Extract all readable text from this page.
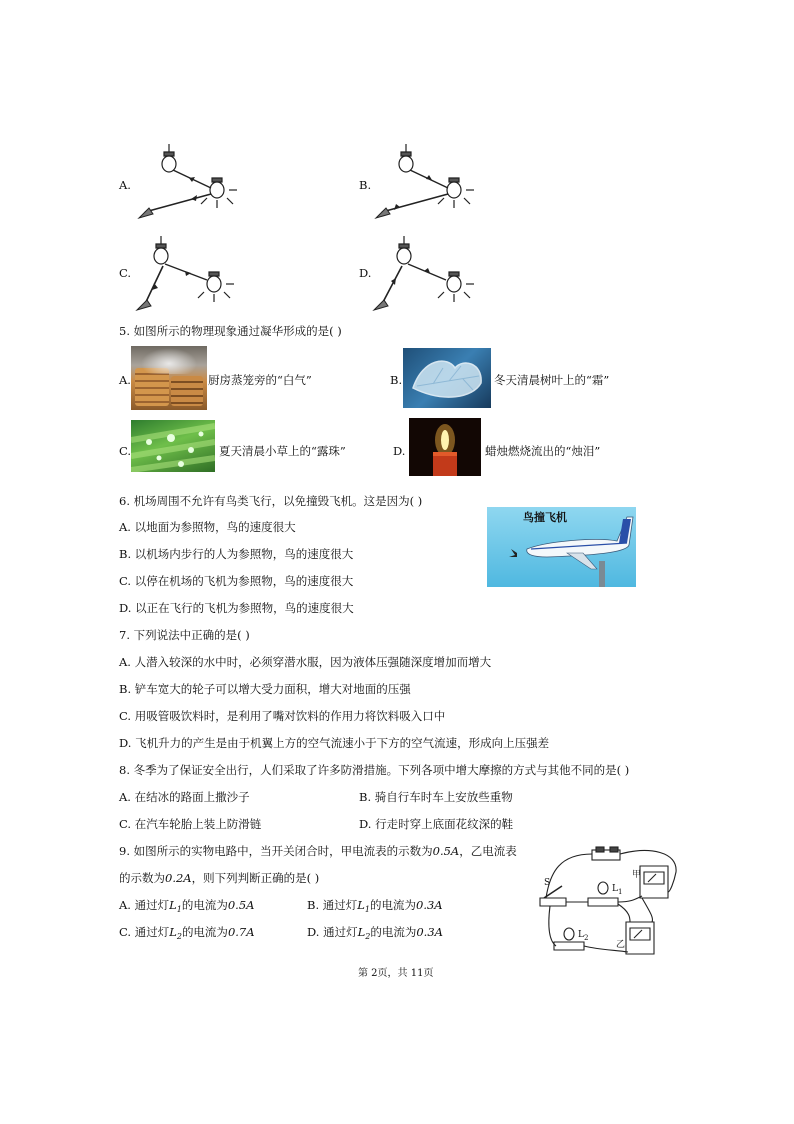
A.	B.
C.	D.
5. 如图所示的物理现象通过凝华形成的是( )
A.	厨房蒸笼旁的“白气”	B.	冬天清晨树叶上的“霜”
C.	夏天清晨小草上的“露珠”	D.	蜡烛燃烧流出的“烛泪”
6. 机场周围不允许有鸟类飞行，以免撞毁飞机。这是因为( )
A. 以地面为参照物，鸟的速度很大
B. 以机场内步行的人为参照物，鸟的速度很大
C. 以停在机场的飞机为参照物，鸟的速度很大
D. 以正在飞行的飞机为参照物，鸟的速度很大
鸟撞飞机
7. 下列说法中正确的是( )
A. 人潜入较深的水中时，必须穿潜水服，因为液体压强随深度增加而增大
B. 铲车宽大的轮子可以增大受力面积，增大对地面的压强
C. 用吸管吸饮料时，是利用了嘴对饮料的作用力将饮料吸入口中
D. 飞机升力的产生是由于机翼上方的空气流速小于下方的空气流速，形成向上压强差
8. 冬季为了保证安全出行，人们采取了许多防滑措施。下列各项中增大摩擦的方式与其他不同的是( )
A. 在结冰的路面上撒沙子	B. 骑自行车时车上安放些重物
C. 在汽车轮胎上装上防滑链	D. 行走时穿上底面花纹深的鞋
9. 如图所示的实物电路中，当开关闭合时，甲电流表的示数为0.5A，乙电流表
的示数为0.2A，则下列判断正确的是( )
A. 通过灯$L_1$的电流为0.5A	B. 通过灯$L_1$的电流为0.3A
C. 通过灯$L_2$的电流为0.7A	D. 通过灯$L_2$的电流为0.3A
S
$L_1$
$L_2$
甲
乙
第 2页，共 11页
